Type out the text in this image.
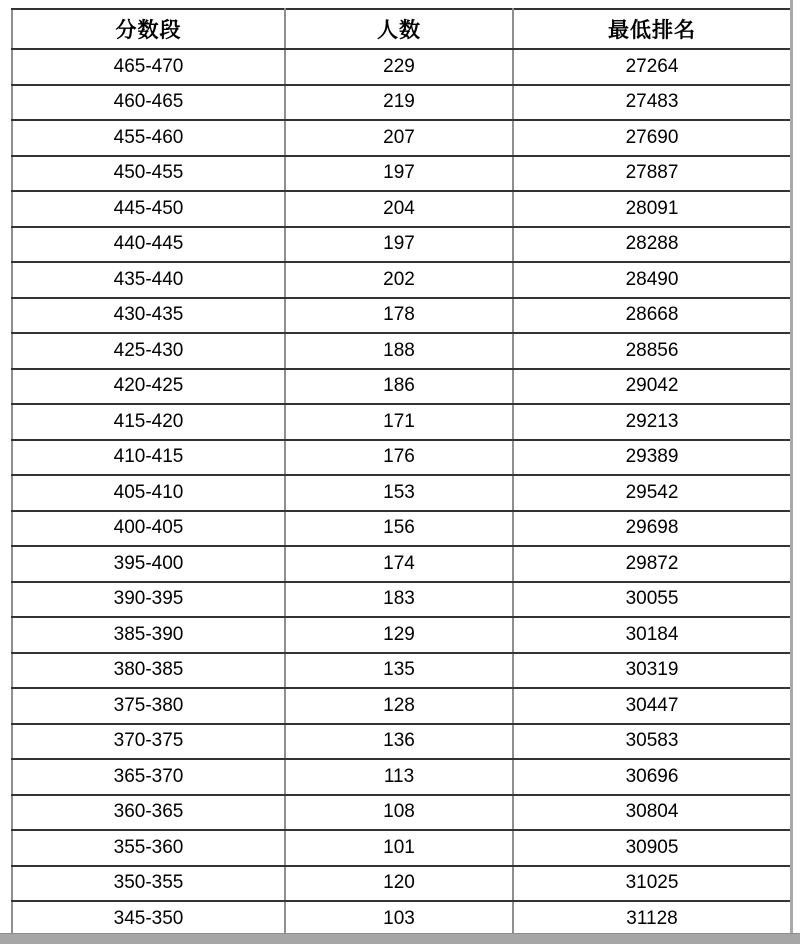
分数段	人数	最低排名
465-470	229	27264
460-465	219	27483
455-460	207	27690
450-455	197	27887
445-450	204	28091
440-445	197	28288
435-440	202	28490
430-435	178	28668
425-430	188	28856
420-425	186	29042
415-420	171	29213
410-415	176	29389
405-410	153	29542
400-405	156	29698
395-400	174	29872
390-395	183	30055
385-390	129	30184
380-385	135	30319
375-380	128	30447
370-375	136	30583
365-370	113	30696
360-365	108	30804
355-360	101	30905
350-355	120	31025
345-350	103	31128
